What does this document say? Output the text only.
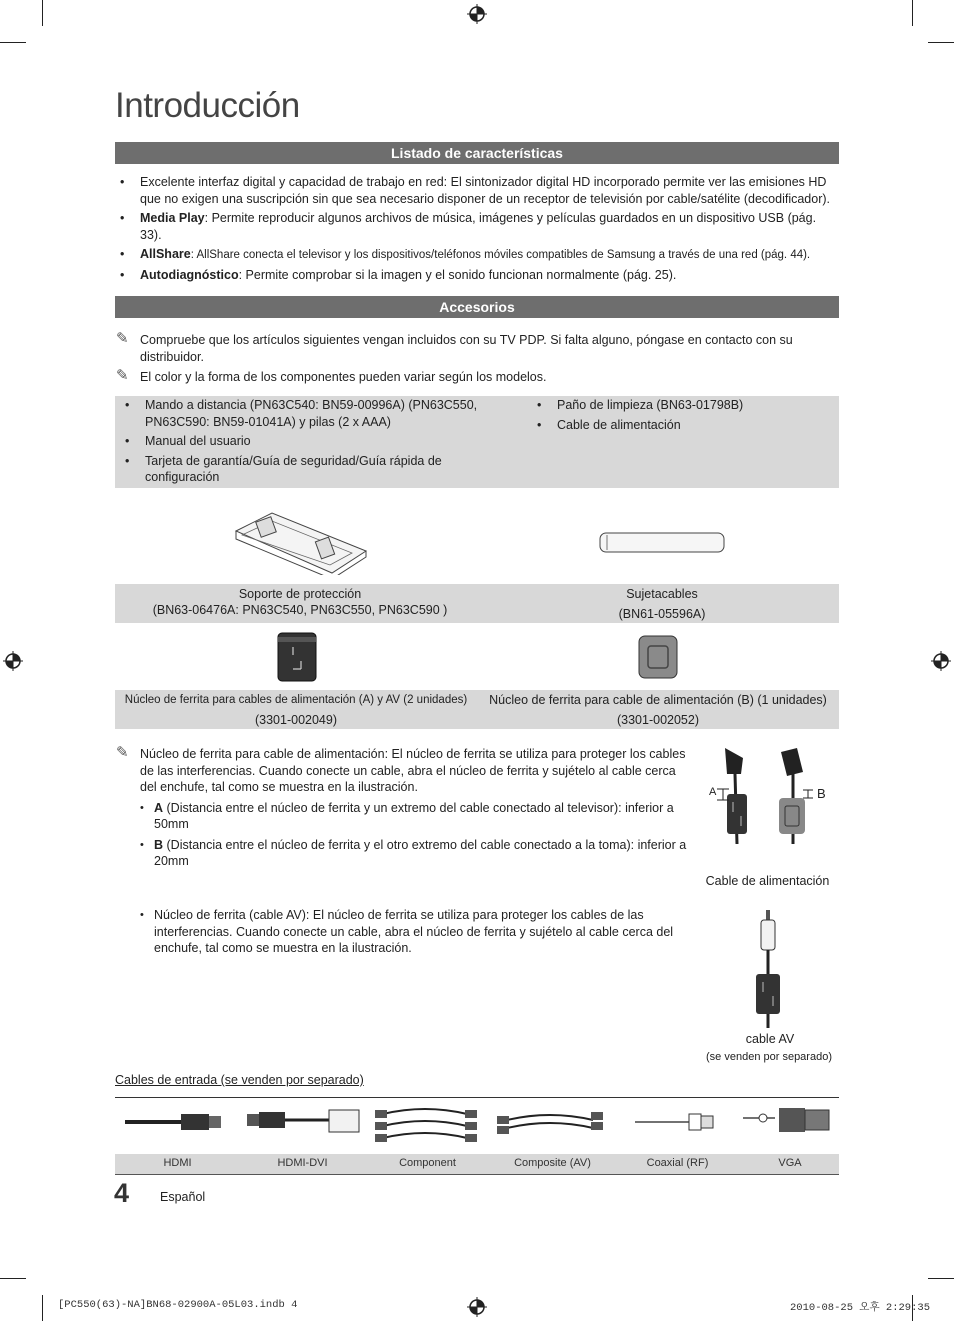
Introducción
Listado de características
• Excelente interfaz digital y capacidad de trabajo en red: El sintonizador digital HD incorporado permite ver las emisiones HD que no exigen una suscripción sin que sea necesario disponer de un receptor de televisión por cable/satélite (decodificador).
• Media Play: Permite reproducir algunos archivos de música, imágenes y películas guardados en un dispositivo USB (pág. 33).
• AllShare: AllShare conecta el televisor y los dispositivos/teléfonos móviles compatibles de Samsung a través de una red (pág. 44).
• Autodiagnóstico: Permite comprobar si la imagen y el sonido funcionan normalmente (pág. 25).
Accesorios
✎ Compruebe que los artículos siguientes vengan incluidos con su TV PDP. Si falta alguno, póngase en contacto con su distribuidor.
✎ El color y la forma de los componentes pueden variar según los modelos.
• Mando a distancia (PN63C540: BN59-00996A) (PN63C550, PN63C590: BN59-01041A) y pilas (2 x AAA)
• Manual del usuario
• Tarjeta de garantía/Guía de seguridad/Guía rápida de configuración
• Paño de limpieza (BN63-01798B)
• Cable de alimentación
Soporte de protección
(BN63-06476A: PN63C540, PN63C550, PN63C590 )
Sujetacables
(BN61-05596A)
Núcleo de ferrita para cables de alimentación (A) y AV (2 unidades)
(3301-002049)
Núcleo de ferrita para cable de alimentación (B) (1 unidades)
(3301-002052)
✎ Núcleo de ferrita para cable de alimentación: El núcleo de ferrita se utiliza para proteger los cables de las interferencias. Cuando conecte un cable, abra el núcleo de ferrita y sujételo al cable cerca del enchufe, tal como se muestra en la ilustración.
• A (Distancia entre el núcleo de ferrita y un extremo del cable conectado al televisor): inferior a 50mm
• B (Distancia entre el núcleo de ferrita y el otro extremo del cable conectado a la toma): inferior a 20mm
• Núcleo de ferrita (cable AV): El núcleo de ferrita se utiliza para proteger los cables de las interferencias. Cuando conecte un cable, abra el núcleo de ferrita y sujételo al cable cerca del enchufe, tal como se muestra en la ilustración.
A	B
Cable de alimentación
cable AV
(se venden por separado)
Cables de entrada (se venden por separado)
HDMI	HDMI-DVI	Component	Composite (AV)	Coaxial (RF)	VGA
4 Español
[PC550(63)-NA]BN68-02900A-05L03.indb 4	2010-08-25 오후 2:29:35
